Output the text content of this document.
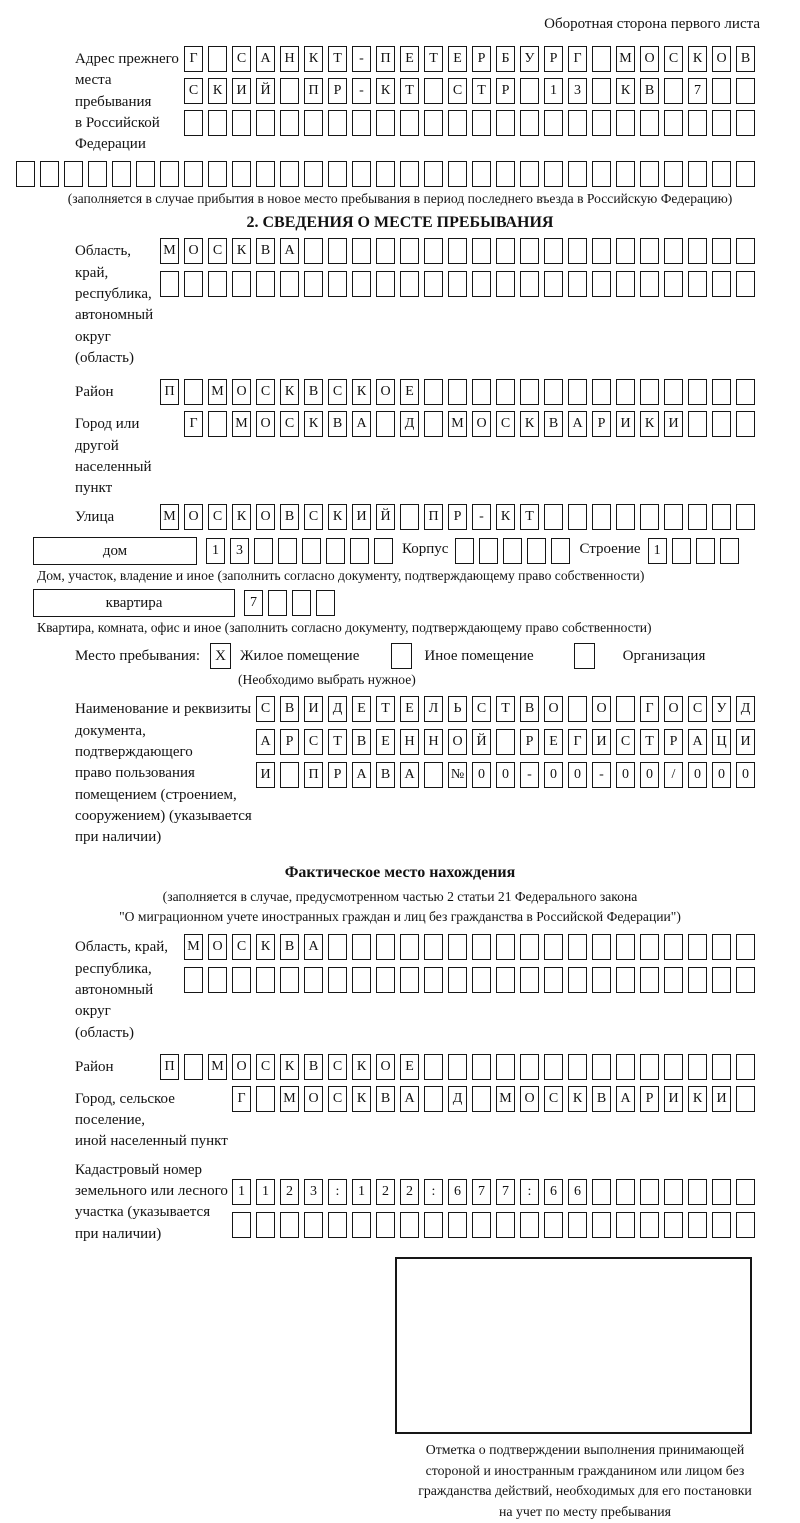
Оборотная сторона первого листа
Адрес прежнего
места пребывания
в Российской
Федерации
Г	С	А Н	К	Т	-	П	Е	Т	Е	Р	Б	У	Р	Г	М О	С	К	О	В
С	К	И Й	П	Р	-	К	Т	С	Т	Р	1	3	К	В	7
(заполняется в случае прибытия в новое место пребывания в период последнего въезда в Российскую Федерацию)
2. СВЕДЕНИЯ О МЕСТЕ ПРЕБЫВАНИЯ
Область, край,
республика,
автономный
округ (область)
М О	С	К	В	А
Район	П	М О	С	К	В	С	К	О	Е
Город или другой
населенный пункт
Г	М О	С	К	В	А	Д	М О	С	К	В	А	Р	И	К	И
Улица	М О	С	К	О	В	С	К	И Й	П	Р	-	К	Т
дом	1	3	Корпус	Строение 1
Дом, участок, владение и иное (заполнить согласно документу, подтверждающему право собственности)
квартира	7
Квартира, комната, офис и иное (заполнить согласно документу, подтверждающему право собственности)
Место пребывания:	X Жилое помещение	Иное помещение	Организация
(Необходимо выбрать нужное)
Наименование и реквизиты
документа, подтверждающего
право пользования
помещением (строением,
сооружением) (указывается
при наличии)
С	В	И	Д	Е	Т	Е	Л	Ь	С	Т	В	О	О	Г	О	С	У	Д
А	Р	С	Т	В	Е	Н Н О Й	Р	Е	Г	И	С	Т	Р	А Ц И
И	П	Р	А	В	А	№ 0	0	-	0	0	-	0	0	/	0	0	0
Фактическое место нахождения
(заполняется в случае, предусмотренном частью 2 статьи 21 Федерального закона
"О миграционном учете иностранных граждан и лиц без гражданства в Российской Федерации")
Область, край,
республика,
автономный округ
(область)
М О	С	К	В	А
Район	П	М О	С	К	В	С	К	О	Е
Город, сельское поселение,
иной населенный пункт
Г	М О	С	К	В	А	Д	М О	С	К	В	А	Р	И	К	И
Кадастровый номер
земельного или лесного
участка (указывается
при наличии)
1	1	2	3	:	1	2	2	:	6	7	7	:	6	6
Отметка о подтверждении выполнения принимающей
стороной и иностранным гражданином или лицом без
гражданства действий, необходимых для его постановки
на учет по месту пребывания
